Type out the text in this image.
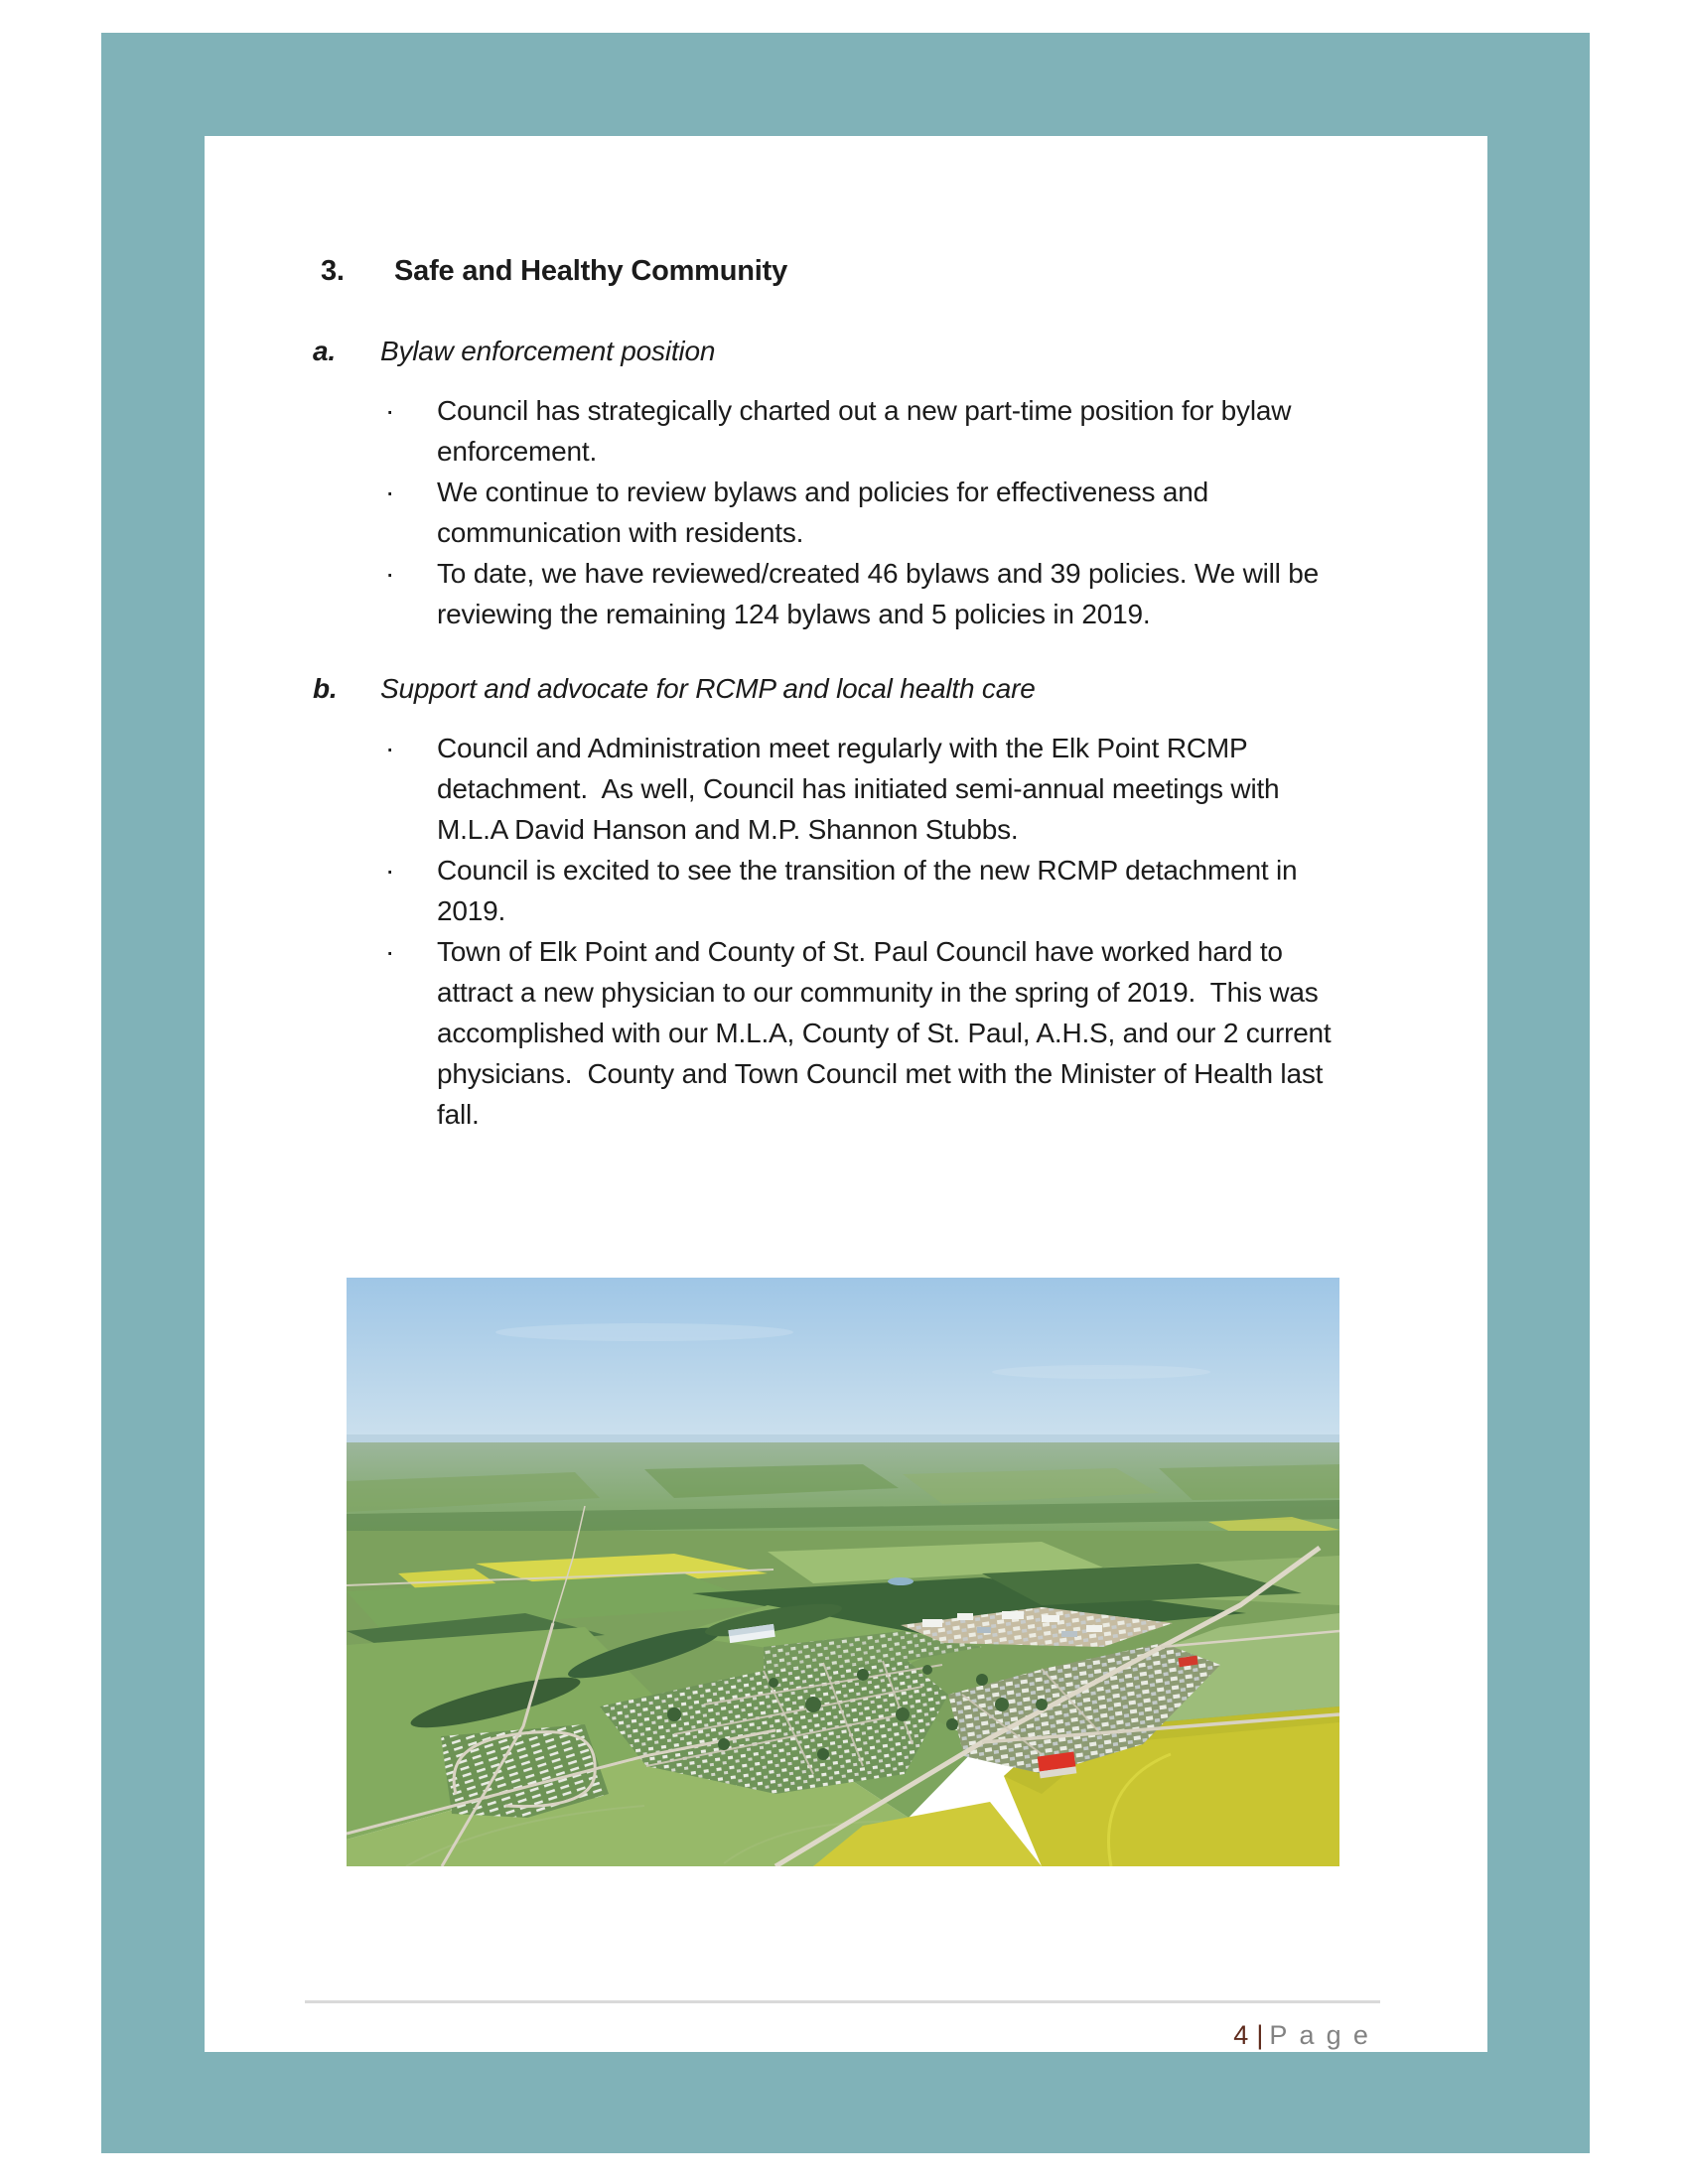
3.	Safe and Healthy Community
a.	Bylaw enforcement position
·	Council has strategically charted out a new part-time position for bylaw enforcement.
·	We continue to review bylaws and policies for effectiveness and communication with residents.
·	To date, we have reviewed/created 46 bylaws and 39 policies. We will be reviewing the remaining 124 bylaws and 5 policies in 2019.
b.	Support and advocate for RCMP and local health care
·	Council and Administration meet regularly with the Elk Point RCMP detachment.  As well, Council has initiated semi-annual meetings with M.L.A David Hanson and M.P. Shannon Stubbs.
·	Council is excited to see the transition of the new RCMP detachment in 2019.
·	Town of Elk Point and County of St. Paul Council have worked hard to attract a new physician to our community in the spring of 2019.  This was accomplished with our M.L.A, County of St. Paul, A.H.S, and our 2 current physicians.  County and Town Council met with the Minister of Health last fall.
4 | Page
